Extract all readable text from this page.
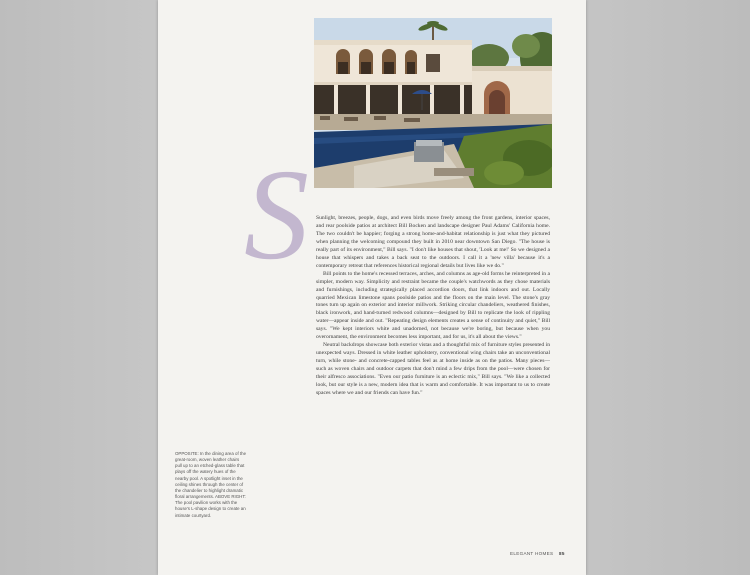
S Sunlight, breezes, people, dogs, and even birds move freely among the front gardens, interior spaces, and rear poolside patios at architect Bill Bocken and landscape designer Paul Adams' California home. The two couldn't be happier; forging a strong home-and-habitat relationship is just what they pictured when planning the welcoming compound they built in 2010 near downtown San Diego. "The house is really part of its environment," Bill says. "I don't like houses that shout, 'Look at me!' So we designed a house that whispers and takes a back seat to the outdoors. I call it a 'new villa' because it's a contemporary retreat that references historical regional details but lives like we do."

Bill points to the home's recessed terraces, arches, and columns as age-old forms he reinterpreted in a simpler, modern way. Simplicity and restraint became the couple's watchwords as they chose materials and furnishings, including strategically placed accordion doors, that link indoors and out. Locally quarried Mexican limestone spans poolside patios and the floors on the main level. The stone's gray tones turn up again on exterior and interior millwork. Striking circular chandeliers, weathered finishes, black ironwork, and hand-turned redwood columns—designed by Bill to replicate the look of rippling water—appear inside and out. "Repeating design elements creates a sense of continuity and quiet," Bill says. "We kept interiors white and unadorned, not because we're boring, but because when you overornament, the environment becomes less important, and for us, it's all about the views."

Neutral backdrops showcase both exterior vistas and a thoughtful mix of furniture styles presented in unexpected ways. Dressed in white leather upholstery, conventional wing chairs take an unconventional turn, while stone- and concrete-capped tables feel as at home inside as on the patios. Many pieces—such as woven chairs and outdoor carpets that don't mind a few drips from the pool—were chosen for their alfresco associations. "Even our patio furniture is an eclectic mix," Bill says. "We like a collected look, but our style is a new, modern idea that is warm and comfortable. It was important to us to create spaces where we and our friends can have fun."

OPPOSITE: In the dining area of the great-room, woven leather chairs pull up to an etched-glass table that plays off the watery hues of the nearby pool. A spotlight inset in the ceiling shines through the center of the chandelier to highlight dramatic floral arrangements. ABOVE RIGHT: The pool pavilion works with the house's L-shape design to create an intimate courtyard.
ELEGANT HOMES 85
